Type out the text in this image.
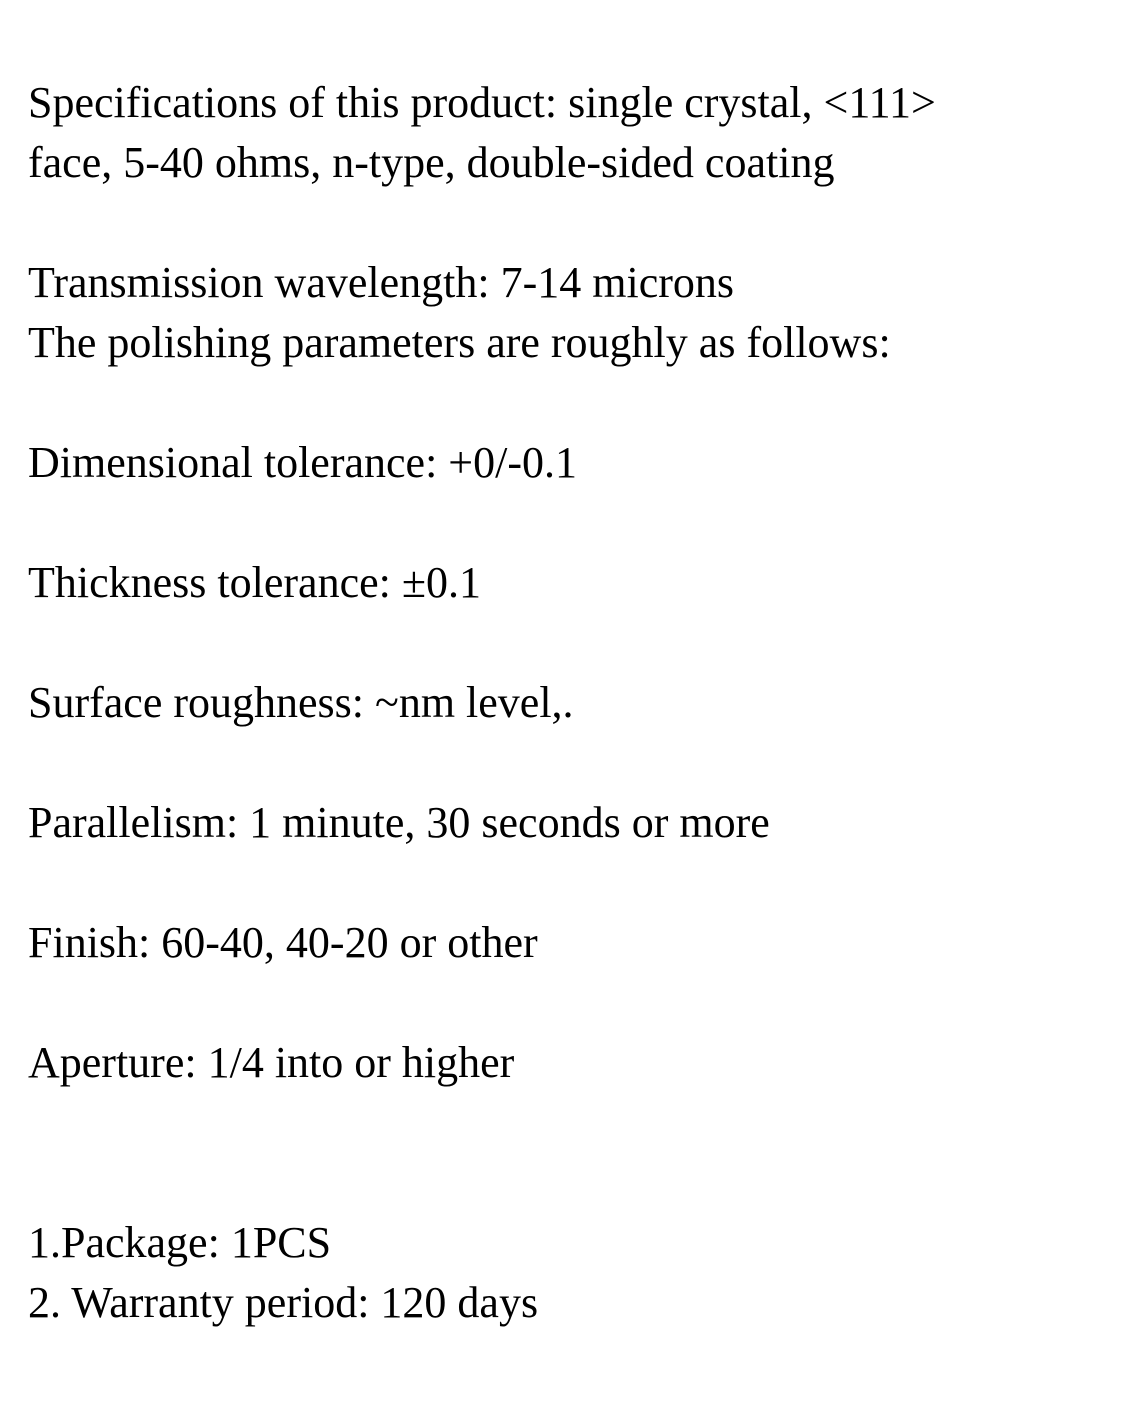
Specifications of this product: single crystal, <111>
face, 5-40 ohms, n-type, double-sided coating
Transmission wavelength: 7-14 microns
The polishing parameters are roughly as follows:
Dimensional tolerance: +0/-0.1
Thickness tolerance: ±0.1
Surface roughness: ~nm level,.
Parallelism: 1 minute, 30 seconds or more
Finish: 60-40, 40-20 or other
Aperture: 1/4 into or higher
1.Package: 1PCS
2. Warranty period: 120 days
